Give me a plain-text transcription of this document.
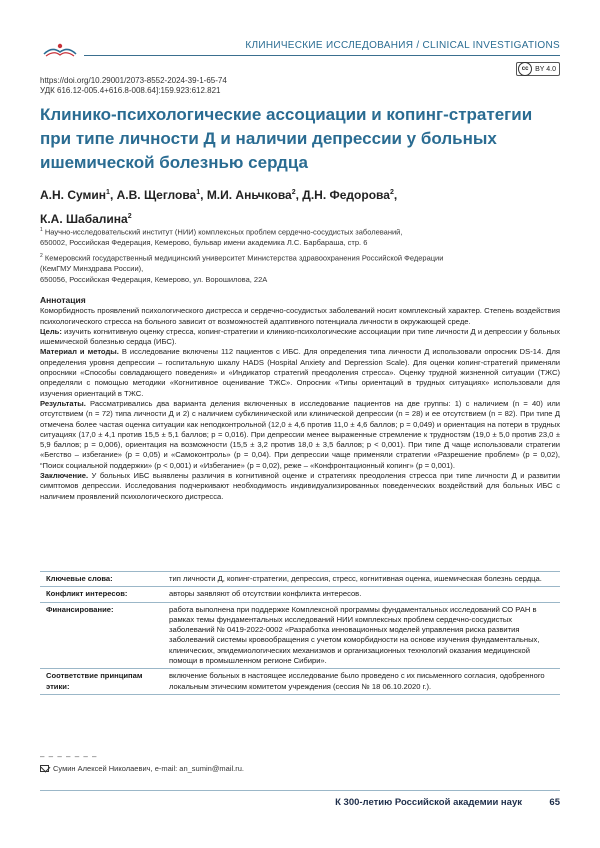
КЛИНИЧЕСКИЕ ИССЛЕДОВАНИЯ / CLINICAL INVESTIGATIONS
cc BY 4.0
https://doi.org/10.29001/2073-8552-2024-39-1-65-74
УДК 616.12-005.4+616.8-008.64]:159.923:612.821
Клинико-психологические ассоциации и копинг-стратегии при типе личности Д и наличии депрессии у больных ишемической болезнью сердца
А.Н. Сумин$^1$, А.В. Щеглова$^1$, М.И. Аньчкова$^2$, Д.Н. Федорова$^2$,
К.А. Шабалина$^2$
$^1$ Научно-исследовательский институт (НИИ) комплексных проблем сердечно-сосудистых заболеваний,
650002, Российская Федерация, Кемерово, бульвар имени академика Л.С. Барбараша, стр. 6
$^2$ Кемеровский государственный медицинский университет Министерства здравоохранения Российской Федерации
(КемГМУ Минздрава России),
650056, Российская Федерация, Кемерово, ул. Ворошилова, 22А
Аннотация

Коморбидность проявлений психологического дистресса и сердечно-сосудистых заболеваний носит комплексный характер. Степень воздействия психологического стресса на больного зависит от возможностей адаптивного потенциала личности в окружающей среде.

Цель: изучить когнитивную оценку стресса, копинг-стратегии и клинико-психологические ассоциации при типе личности Д и депрессии у больных ишемической болезнью сердца (ИБС).

Материал и методы. В исследование включены 112 пациентов с ИБС. Для определения типа личности Д использовали опросник DS-14. Для определения уровня депрессии – госпитальную шкалу HADS (Hospital Anxiety and Depression Scale). Для оценки копинг-стратегий применяли опросники «Способы совладающего поведения» и «Индикатор стратегий преодоления стресса». Оценку трудной жизненной ситуации (ТЖС) определяли с помощью методики «Когнитивное оценивание ТЖС». Опросник «Типы ориентаций в трудных ситуациях» использовали для изучения ориентаций в ТЖС.

Результаты. Рассматривались два варианта деления включенных в исследование пациентов на две группы: 1) с наличием (n = 40) или отсутствием (n = 72) типа личности Д и 2) с наличием субклинической или клинической депрессии (n = 28) и ее отсутствием (n = 82). При типе Д отмечена более частая оценка ситуации как неподконтрольной (12,0 ± 4,6 против 11,0 ± 4,6 баллов; p = 0,049) и ориентация на потери в трудных ситуациях (17,0 ± 4,1 против 15,5 ± 5,1 баллов; p = 0,016). При депрессии менее выраженные стремление к трудностям (19,0 ± 5,0 против 23,0 ± 5,9 баллов; p = 0,006), ориентация на возможности (15,5 ± 3,2 против 18,0 ± 3,5 баллов; p < 0,001). При типе Д чаще использовали стратегии «Бегство – избегание» (p = 0,05) и «Самоконтроль» (p = 0,04). При депрессии чаще применяли стратегии «Разрешение проблем» (p = 0,02), “Поиск социальной поддержки» (p < 0,001) и «Избегание» (p = 0,02), реже – «Конфронтационный копинг» (p = 0,001).

Заключение. У больных ИБС выявлены различия в когнитивной оценке и стратегиях преодоления стресса при типе личности Д и развитии симптомов депрессии. Исследования подчеркивают необходимость индивидуализированных поведенческих воздействий для больных ИБС с наличием проявлений психологического дистресса.

Ключевые слова:	тип личности Д, копинг-стратегии, депрессия, стресс, когнитивная оценка, ишемическая болезнь сердца.
Конфликт интересов:	авторы заявляют об отсутствии конфликта интересов.
Финансирование:	работа выполнена при поддержке Комплексной программы фундаментальных исследований СО РАН в рамках темы фундаментальных исследований НИИ комплексных проблем сердечно-сосудистых заболеваний № 0419-2022-0002 «Разработка инновационных моделей управления риска развития заболеваний системы кровообращения с учетом коморбидности на основе изучения фундаментальных, клинических, эпидемиологических механизмов и организационных технологий оказания медицинской помощи в промышленном регионе Сибири».
Соответствие принципам этики:	включение больных в настоящее исследование было проведено с их письменного согласия, одобренного локальным этическим комитетом учреждения (сессия № 18 06.10.2020 г.).
– – – – – – –
Сумин Алексей Николаевич, e-mail: an_sumin@mail.ru.
К 300-летию Российской академии наук	65
